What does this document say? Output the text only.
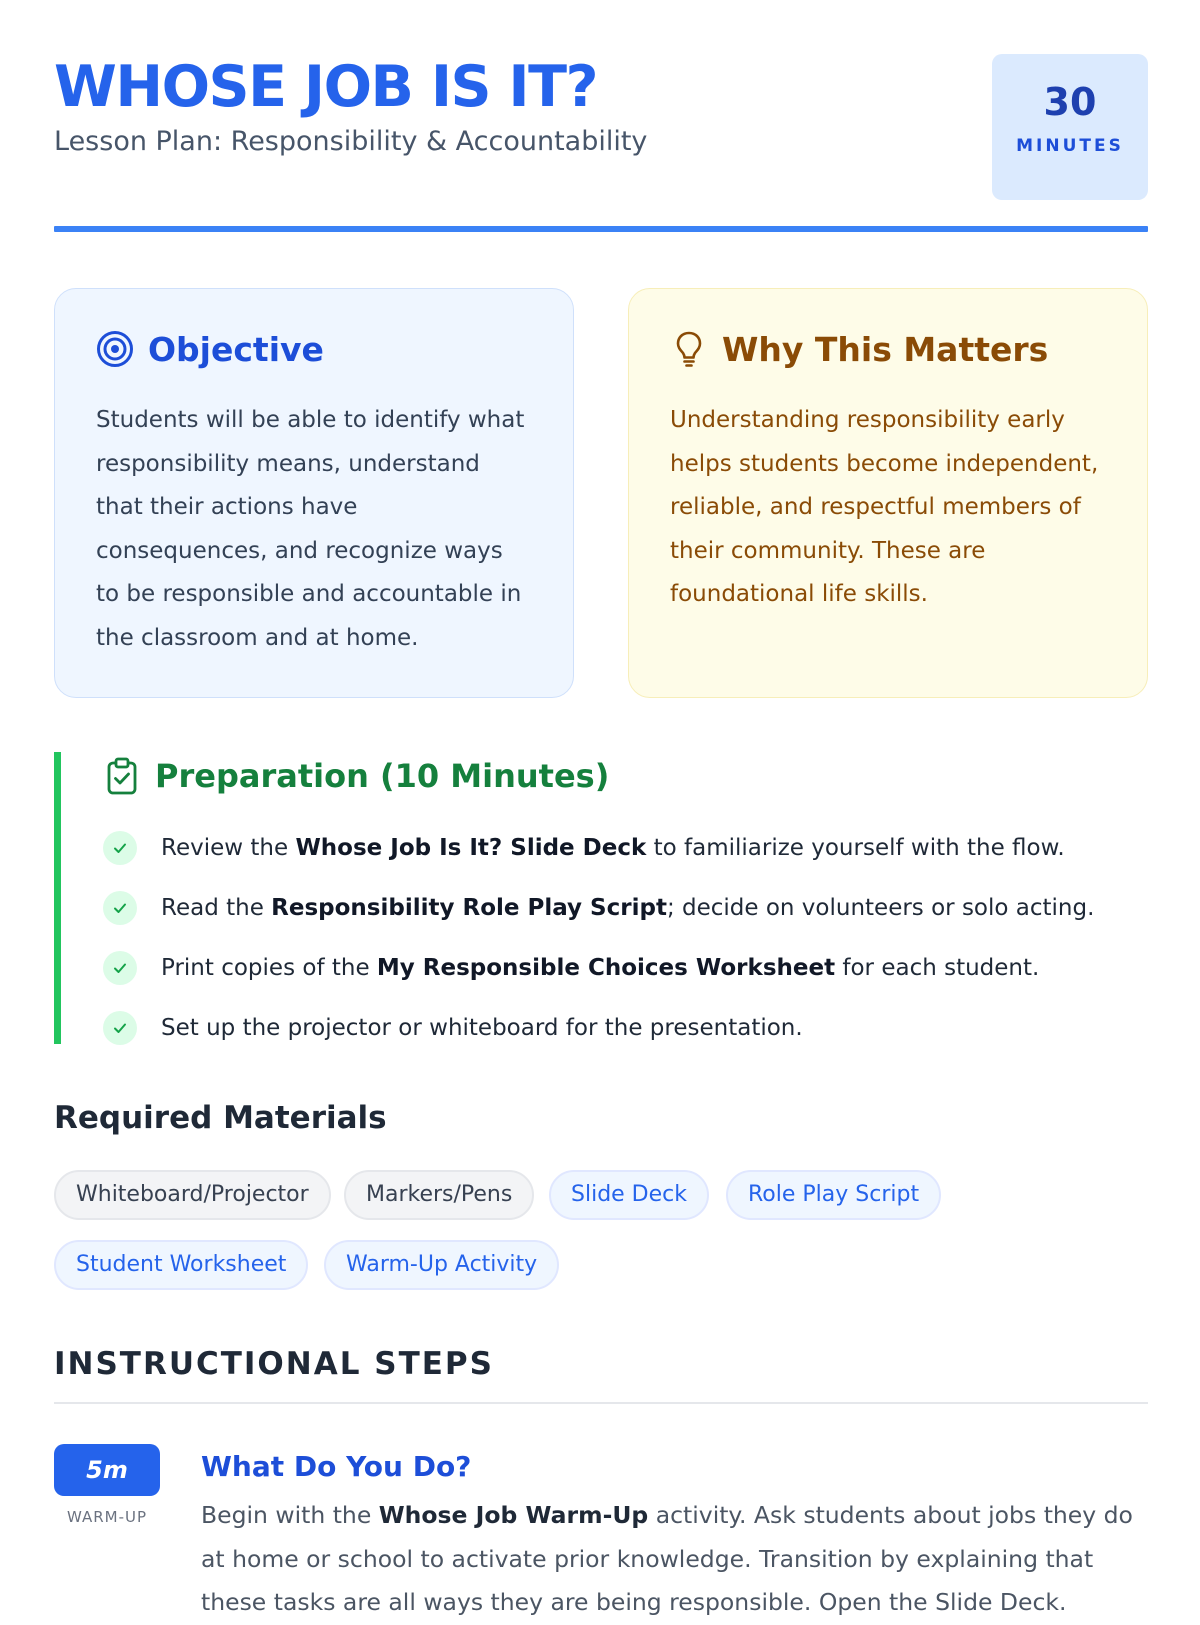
WHOSE JOB IS IT?
Lesson Plan: Responsibility & Accountability
30
MINUTES
Objective

Students will be able to identify what responsibility means, understand that their actions have consequences, and recognize ways to be responsible and accountable in the classroom and at home.

Why This Matters

Understanding responsibility early helps students become independent, reliable, and respectful members of their community. These are foundational life skills.

Preparation (10 Minutes)
Review the Whose Job Is It? Slide Deck to familiarize yourself with the flow.
Read the Responsibility Role Play Script; decide on volunteers or solo acting.
Print copies of the My Responsible Choices Worksheet for each student.
Set up the projector or whiteboard for the presentation.
Required Materials
Whiteboard/Projector	Markers/Pens	Slide Deck	Role Play Script
Student Worksheet	Warm-Up Activity
INSTRUCTIONAL STEPS
5m
WARM-UP
What Do You Do?

Begin with the Whose Job Warm-Up activity. Ask students about jobs they do at home or school to activate prior knowledge. Transition by explaining that these tasks are all ways they are being responsible. Open the Slide Deck.
